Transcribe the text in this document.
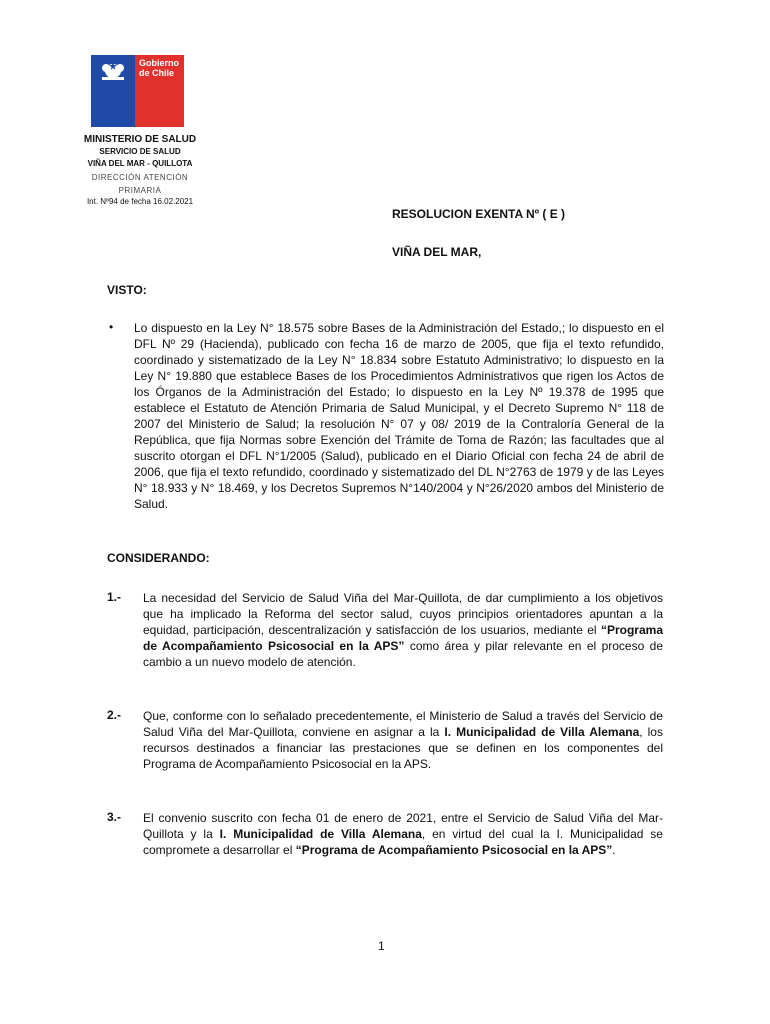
Gobierno
de Chile
MINISTERIO DE SALUD
SERVICIO DE SALUD
VIÑA DEL MAR - QUILLOTA
DIRECCIÓN ATENCIÓN PRIMARIA
Int. Nº94 de fecha 16.02.2021
RESOLUCION EXENTA Nº ( E )
VIÑA DEL MAR,
VISTO:
• Lo dispuesto en la Ley N° 18.575 sobre Bases de la Administración del Estado,; lo dispuesto en el DFL Nº 29 (Hacienda), publicado con fecha 16 de marzo de 2005, que fija el texto refundido, coordinado y sistematizado de la Ley N° 18.834 sobre Estatuto Administrativo; lo dispuesto en la Ley N° 19.880 que establece Bases de los Procedimientos Administrativos que rigen los Actos de los Órganos de la Administración del Estado; lo dispuesto en la Ley Nº 19.378 de 1995 que establece el Estatuto de Atención Primaria de Salud Municipal, y el Decreto Supremo N° 118 de 2007 del Ministerio de Salud; la resolución N° 07 y 08/ 2019 de la Contraloría General de la República, que fija Normas sobre Exención del Trámite de Toma de Razón; las facultades que al suscrito otorgan el DFL N°1/2005 (Salud), publicado en el Diario Oficial con fecha 24 de abril de 2006, que fija el texto refundido, coordinado y sistematizado del DL N°2763 de 1979 y de las Leyes N° 18.933 y N° 18.469, y los Decretos Supremos N°140/2004 y N°26/2020 ambos del Ministerio de Salud.
CONSIDERANDO:
1.- La necesidad del Servicio de Salud Viña del Mar-Quillota, de dar cumplimiento a los objetivos que ha implicado la Reforma del sector salud, cuyos principios orientadores apuntan a la equidad, participación, descentralización y satisfacción de los usuarios, mediante el “Programa de Acompañamiento Psicosocial en la APS” como área y pilar relevante en el proceso de cambio a un nuevo modelo de atención.
2.- Que, conforme con lo señalado precedentemente, el Ministerio de Salud a través del Servicio de Salud Viña del Mar-Quillota, conviene en asignar a la I. Municipalidad de Villa Alemana, los recursos destinados a financiar las prestaciones que se definen en los componentes del Programa de Acompañamiento Psicosocial en la APS.
3.- El convenio suscrito con fecha 01 de enero de 2021, entre el Servicio de Salud Viña del Mar-Quillota y la I. Municipalidad de Villa Alemana, en virtud del cual la I. Municipalidad se compromete a desarrollar el “Programa de Acompañamiento Psicosocial en la APS”.
1
